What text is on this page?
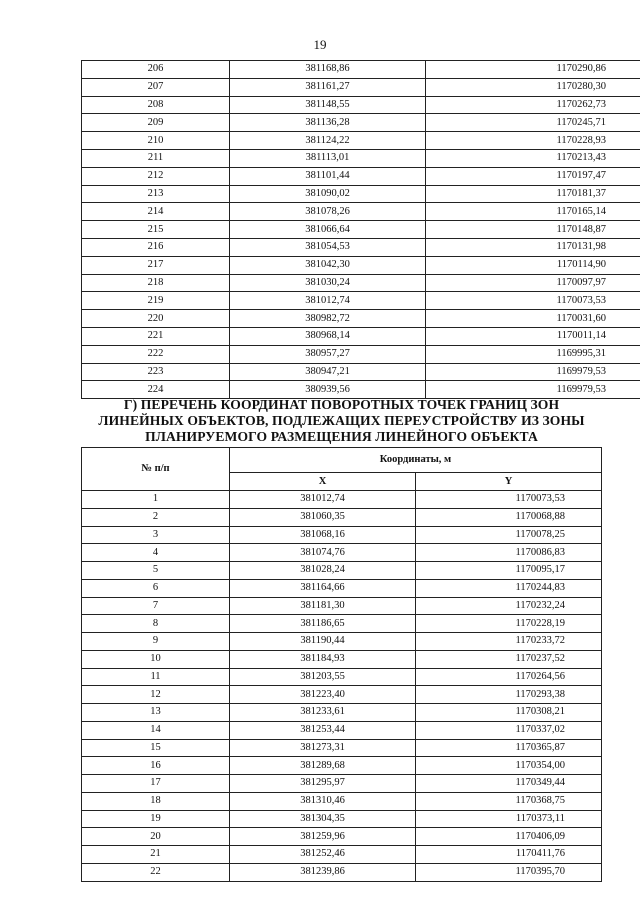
19
206	381168,86	1170290,86
207	381161,27	1170280,30
208	381148,55	1170262,73
209	381136,28	1170245,71
210	381124,22	1170228,93
211	381113,01	1170213,43
212	381101,44	1170197,47
213	381090,02	1170181,37
214	381078,26	1170165,14
215	381066,64	1170148,87
216	381054,53	1170131,98
217	381042,30	1170114,90
218	381030,24	1170097,97
219	381012,74	1170073,53
220	380982,72	1170031,60
221	380968,14	1170011,14
222	380957,27	1169995,31
223	380947,21	1169979,53
224	380939,56	1169979,53
Г) ПЕРЕЧЕНЬ КООРДИНАТ ПОВОРОТНЫХ ТОЧЕК ГРАНИЦ ЗОН
ЛИНЕЙНЫХ ОБЪЕКТОВ, ПОДЛЕЖАЩИХ ПЕРЕУСТРОЙСТВУ ИЗ ЗОНЫ
ПЛАНИРУЕМОГО РАЗМЕЩЕНИЯ ЛИНЕЙНОГО ОБЪЕКТА
№ п/п	Координаты, м	
	X	Y
1	381012,74	1170073,53
2	381060,35	1170068,88
3	381068,16	1170078,25
4	381074,76	1170086,83
5	381028,24	1170095,17
6	381164,66	1170244,83
7	381181,30	1170232,24
8	381186,65	1170228,19
9	381190,44	1170233,72
10	381184,93	1170237,52
11	381203,55	1170264,56
12	381223,40	1170293,38
13	381233,61	1170308,21
14	381253,44	1170337,02
15	381273,31	1170365,87
16	381289,68	1170354,00
17	381295,97	1170349,44
18	381310,46	1170368,75
19	381304,35	1170373,11
20	381259,96	1170406,09
21	381252,46	1170411,76
22	381239,86	1170395,70
